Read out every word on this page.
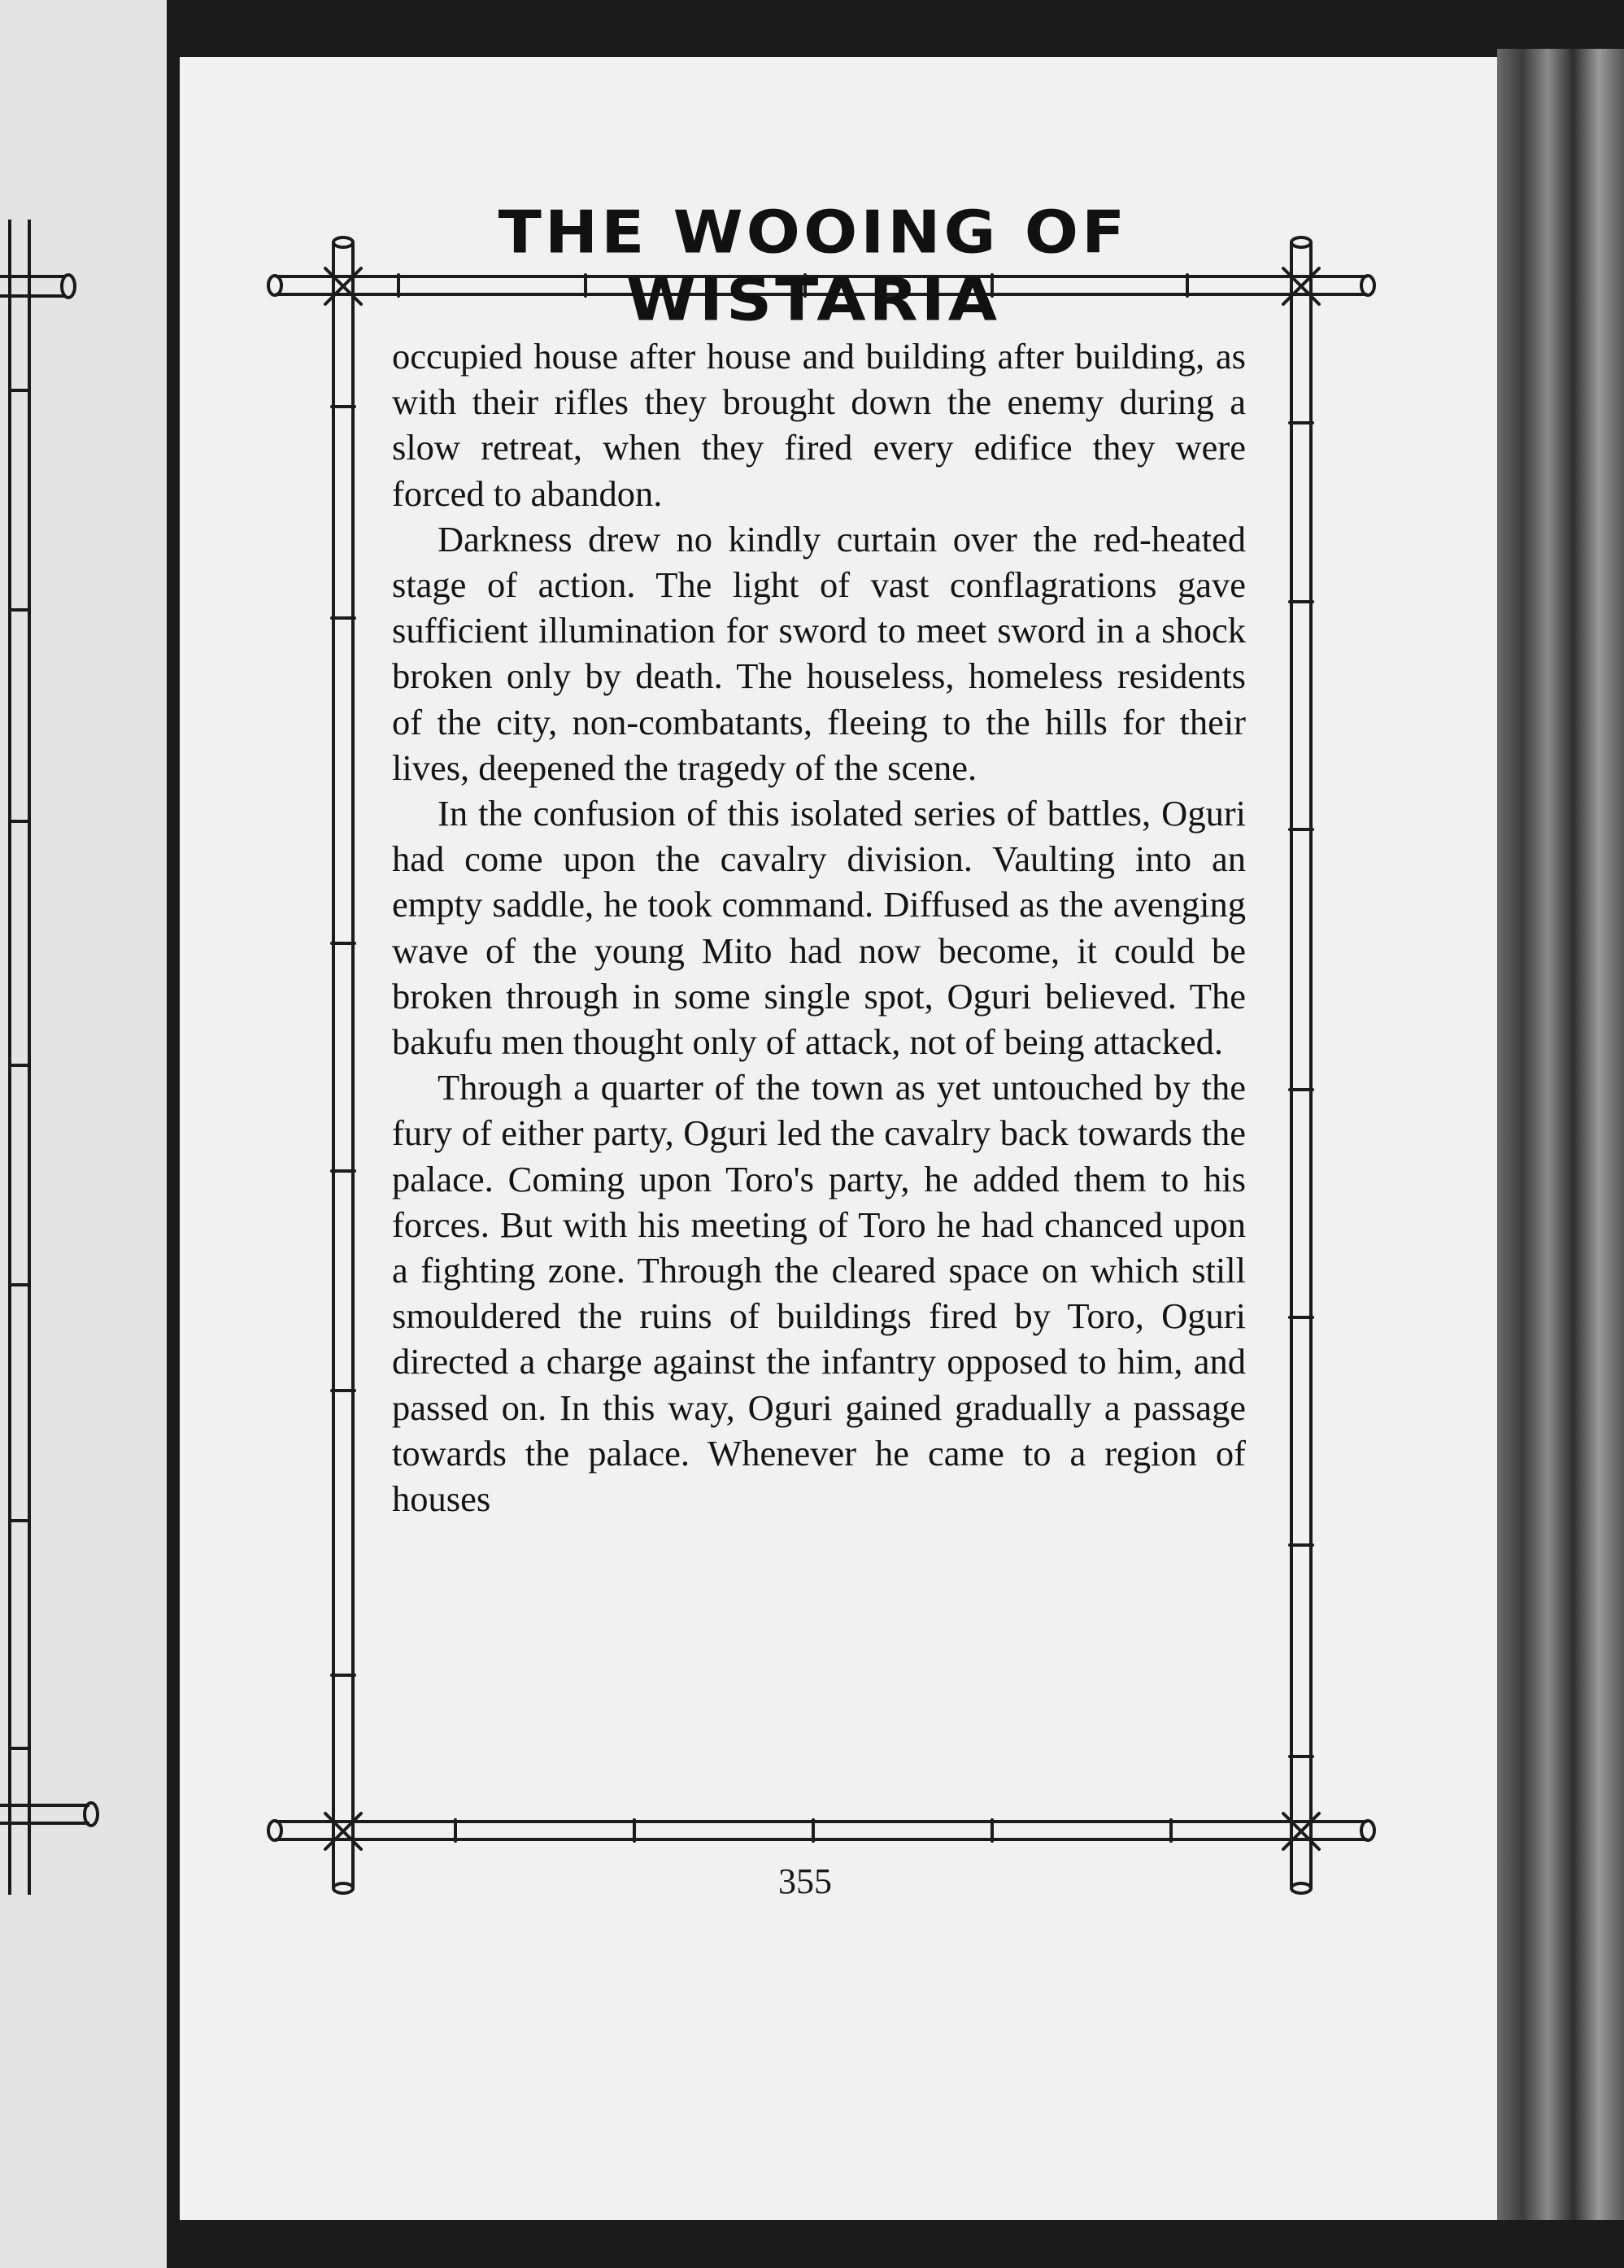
THE WOOING OF WISTARIA

occupied house after house and building after building, as with their rifles they brought down the enemy during a slow retreat, when they fired every edifice they were forced to abandon.

Darkness drew no kindly curtain over the red-heated stage of action. The light of vast conflagrations gave sufficient illumination for sword to meet sword in a shock broken only by death. The houseless, homeless residents of the city, non-combatants, fleeing to the hills for their lives, deepened the tragedy of the scene.

In the confusion of this isolated series of battles, Oguri had come upon the cavalry division. Vaulting into an empty saddle, he took command. Diffused as the avenging wave of the young Mito had now become, it could be broken through in some single spot, Oguri believed. The bakufu men thought only of attack, not of being attacked.

Through a quarter of the town as yet untouched by the fury of either party, Oguri led the cavalry back towards the palace. Coming upon Toro's party, he added them to his forces. But with his meeting of Toro he had chanced upon a fighting zone. Through the cleared space on which still smouldered the ruins of buildings fired by Toro, Oguri directed a charge against the infantry opposed to him, and passed on. In this way, Oguri gained gradually a passage towards the palace. Whenever he came to a region of houses

355
